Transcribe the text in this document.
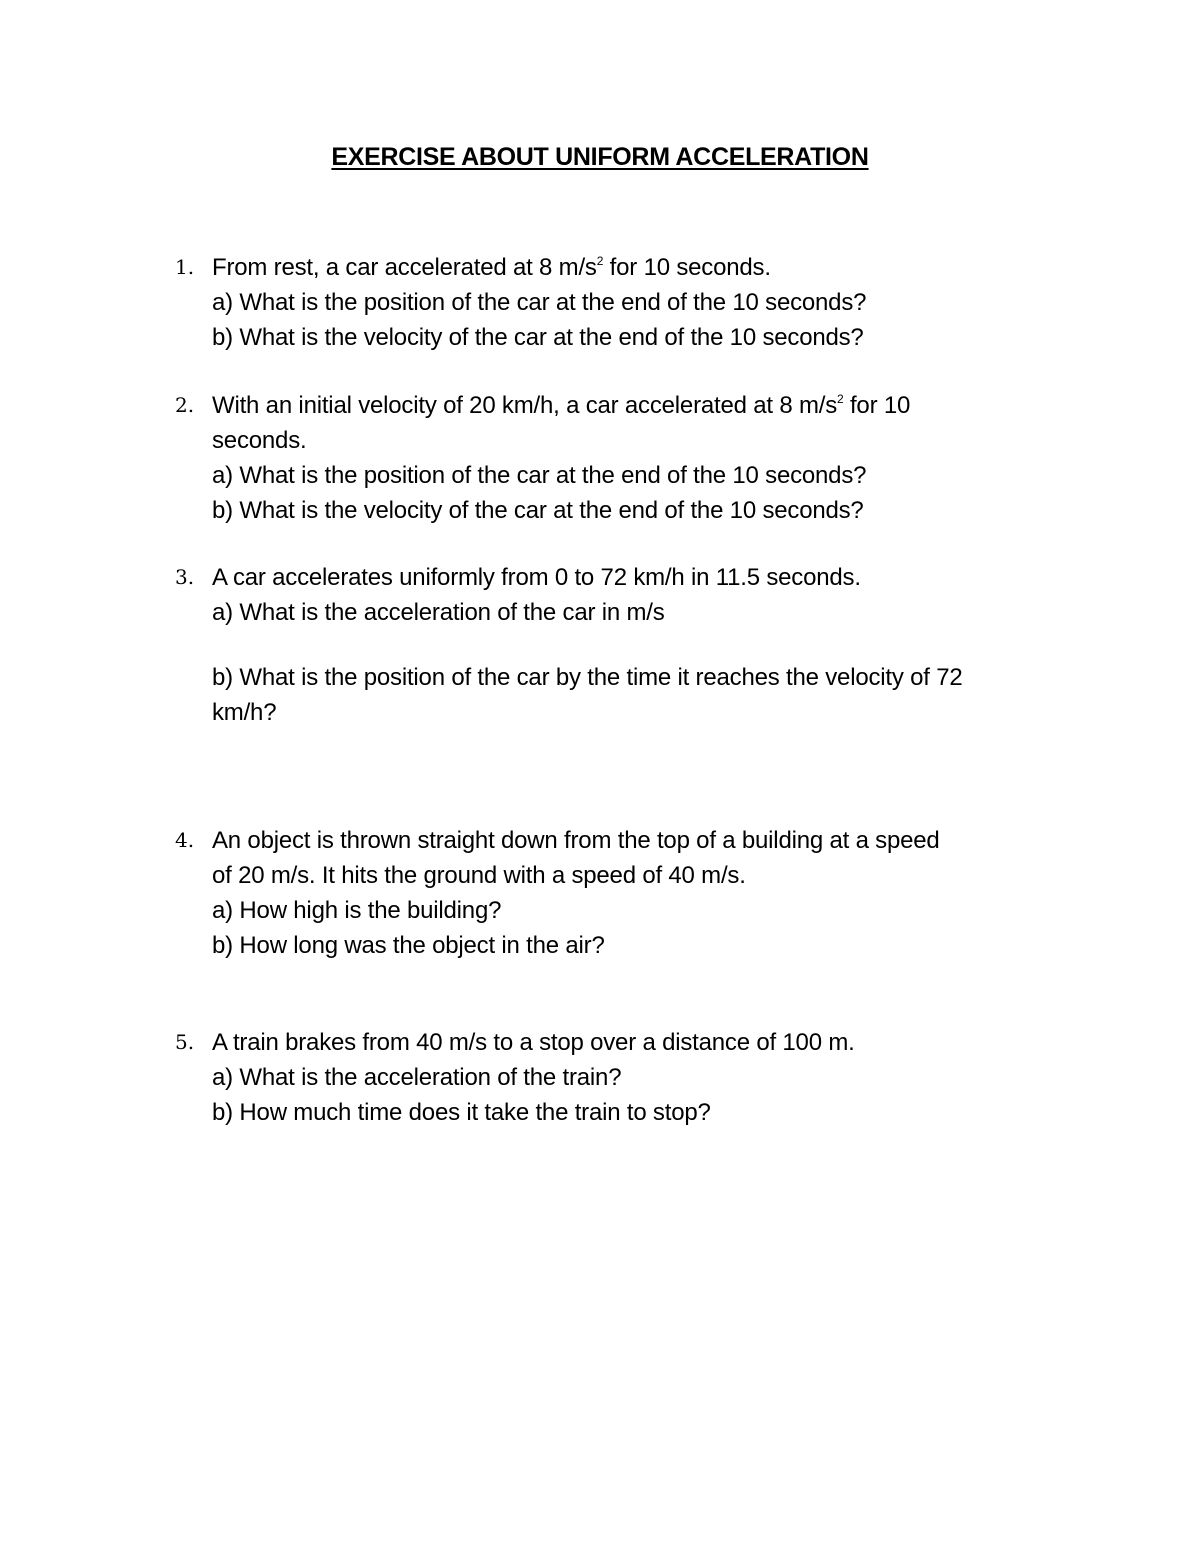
EXERCISE ABOUT UNIFORM ACCELERATION
1. From rest, a car accelerated at 8 $m/s^2$ for 10 seconds.
a) What is the position of the car at the end of the 10 seconds?
b) What is the velocity of the car at the end of the 10 seconds?
2. With an initial velocity of 20 km/h, a car accelerated at 8 $m/s^2$ for 10
seconds.
a) What is the position of the car at the end of the 10 seconds?
b) What is the velocity of the car at the end of the 10 seconds?
3. A car accelerates uniformly from 0 to 72 km/h in 11.5 seconds.
a) What is the acceleration of the car in m/s
b) What is the position of the car by the time it reaches the velocity of 72
km/h?
4. An object is thrown straight down from the top of a building at a speed
of 20 m/s. It hits the ground with a speed of 40 m/s.
a) How high is the building?
b) How long was the object in the air?
5. A train brakes from 40 m/s to a stop over a distance of 100 m.
a) What is the acceleration of the train?
b) How much time does it take the train to stop?
